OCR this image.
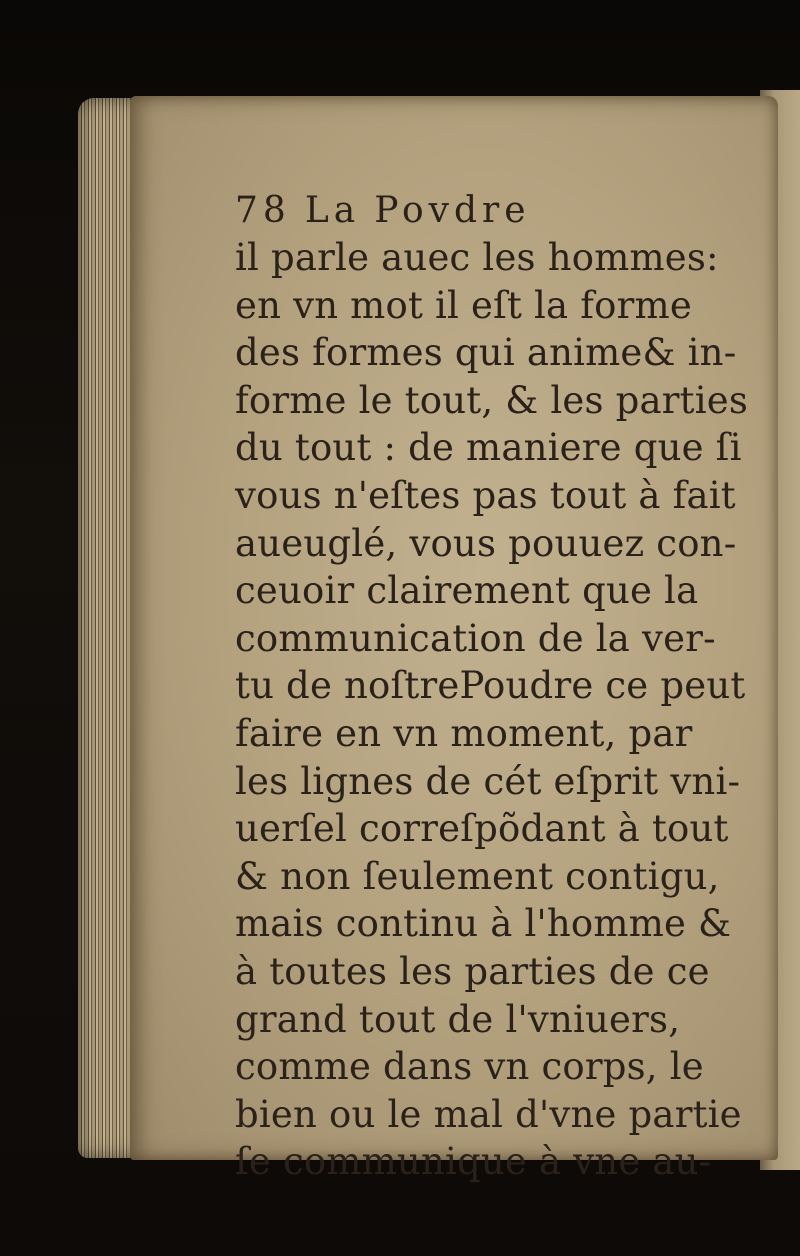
78 La Povdre
il parle auec les hommes:
en vn mot il eſt la forme
des formes qui anime& in-
forme le tout, & les parties
du tout : de maniere que ſi
vous n'eſtes pas tout à fait
aueuglé, vous pouuez con-
ceuoir clairement que la
communication de la ver-
tu de noſtrePoudre ce peut
faire en vn moment, par
les lignes de cét eſprit vni-
uerſel correſpõdant à tout
& non ſeulement contigu,
mais continu à l'homme &
à toutes les parties de ce
grand tout de l'vniuers,
comme dans vn corps, le
bien ou le mal d'vne partie
ſe communique à vne au-
